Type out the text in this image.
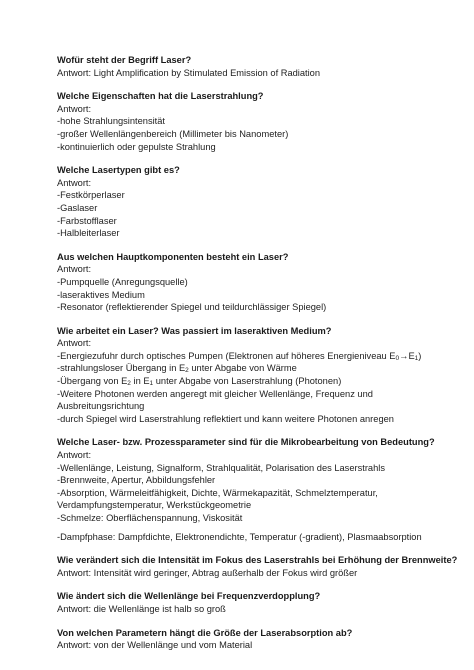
Wofür steht der Begriff Laser?

Antwort: Light Amplification by Stimulated Emission of Radiation

Welche Eigenschaften hat die Laserstrahlung?

Antwort:

-hohe Strahlungsintensität

-großer Wellenlängenbereich (Millimeter bis Nanometer)

-kontinuierlich oder gepulste Strahlung

Welche Lasertypen gibt es?

Antwort:

-Festkörperlaser

-Gaslaser

-Farbstofflaser

-Halbleiterlaser

Aus welchen Hauptkomponenten besteht ein Laser?

Antwort:

-Pumpquelle (Anregungsquelle)

-laseraktives Medium

-Resonator (reflektierender Spiegel und teildurchlässiger Spiegel)

Wie arbeitet ein Laser? Was passiert im laseraktiven Medium?

Antwort:

-Energiezufuhr durch optisches Pumpen (Elektronen auf höheres Energieniveau $E_0\to E_1$)

-strahlungsloser Übergang in $E_2$ unter Abgabe von Wärme

-Übergang von $E_2$ in $E_1$ unter Abgabe von Laserstrahlung (Photonen)

-Weitere Photonen werden angeregt mit gleicher Wellenlänge, Frequenz und Ausbreitungsrichtung

-durch Spiegel wird Laserstrahlung reflektiert und kann weitere Photonen anregen

Welche Laser- bzw. Prozessparameter sind für die Mikrobearbeitung von Bedeutung?

Antwort:

-Wellenlänge, Leistung, Signalform, Strahlqualität, Polarisation des Laserstrahls

-Brennweite, Apertur, Abbildungsfehler

-Absorption, Wärmeleitfähigkeit, Dichte, Wärmekapazität, Schmelztemperatur, Verdampfungstemperatur, Werkstückgeometrie

-Schmelze: Oberflächenspannung, Viskosität

-Dampfphase: Dampfdichte, Elektronendichte, Temperatur (-gradient), Plasmaabsorption

Wie verändert sich die Intensität im Fokus des Laserstrahls bei Erhöhung der Brennweite?

Antwort: Intensität wird geringer, Abtrag außerhalb der Fokus wird größer

Wie ändert sich die Wellenlänge bei Frequenzverdopplung?

Antwort: die Wellenlänge ist halb so groß

Von welchen Parametern hängt die Größe der Laserabsorption ab?

Antwort: von der Wellenlänge und vom Material
